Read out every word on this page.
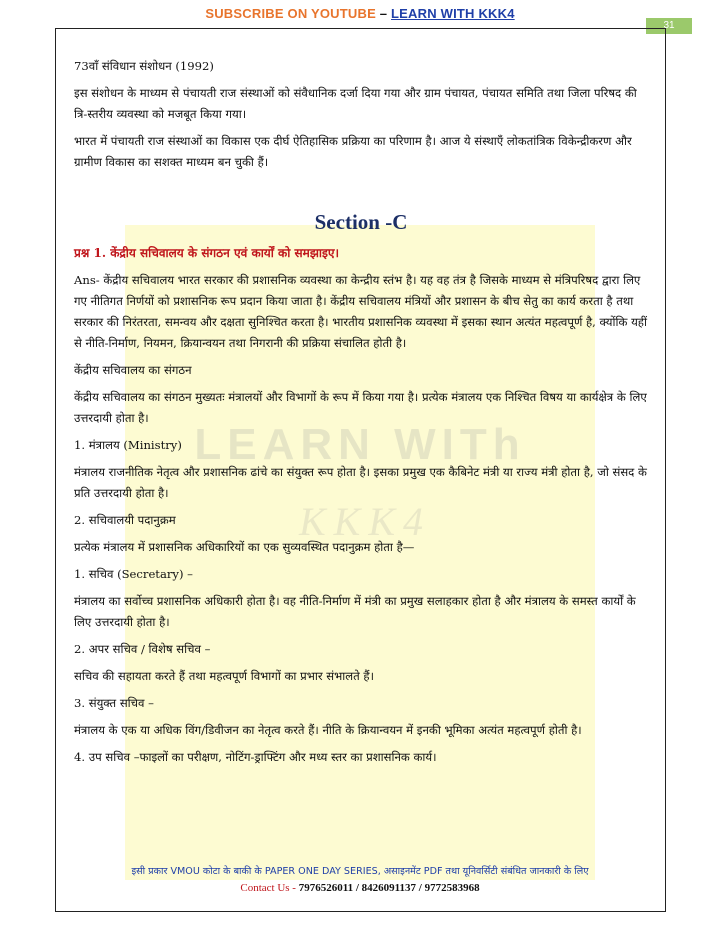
SUBSCRIBE ON YOUTUBE – LEARN WITH KKK4
31
LEARN WITh
KKK4

73वाँ संविधान संशोधन (1992)

इस संशोधन के माध्यम से पंचायती राज संस्थाओं को संवैधानिक दर्जा दिया गया और ग्राम पंचायत, पंचायत समिति तथा जिला परिषद की त्रि-स्तरीय व्यवस्था को मजबूत किया गया।

भारत में पंचायती राज संस्थाओं का विकास एक दीर्घ ऐतिहासिक प्रक्रिया का परिणाम है। आज ये संस्थाएँ लोकतांत्रिक विकेन्द्रीकरण और ग्रामीण विकास का सशक्त माध्यम बन चुकी हैं।

Section -C

प्रश्न 1. केंद्रीय सचिवालय के संगठन एवं कार्यों को समझाइए।

Ans- केंद्रीय सचिवालय भारत सरकार की प्रशासनिक व्यवस्था का केन्द्रीय स्तंभ है। यह वह तंत्र है जिसके माध्यम से मंत्रिपरिषद द्वारा लिए गए नीतिगत निर्णयों को प्रशासनिक रूप प्रदान किया जाता है। केंद्रीय सचिवालय मंत्रियों और प्रशासन के बीच सेतु का कार्य करता है तथा सरकार की निरंतरता, समन्वय और दक्षता सुनिश्चित करता है। भारतीय प्रशासनिक व्यवस्था में इसका स्थान अत्यंत महत्वपूर्ण है, क्योंकि यहीं से नीति-निर्माण, नियमन, क्रियान्वयन तथा निगरानी की प्रक्रिया संचालित होती है।

केंद्रीय सचिवालय का संगठन

केंद्रीय सचिवालय का संगठन मुख्यतः मंत्रालयों और विभागों के रूप में किया गया है। प्रत्येक मंत्रालय एक निश्चित विषय या कार्यक्षेत्र के लिए उत्तरदायी होता है।

1. मंत्रालय (Ministry)

मंत्रालय राजनीतिक नेतृत्व और प्रशासनिक ढांचे का संयुक्त रूप होता है। इसका प्रमुख एक कैबिनेट मंत्री या राज्य मंत्री होता है, जो संसद के प्रति उत्तरदायी होता है।

2. सचिवालयी पदानुक्रम

प्रत्येक मंत्रालय में प्रशासनिक अधिकारियों का एक सुव्यवस्थित पदानुक्रम होता है—

1. सचिव (Secretary) –

मंत्रालय का सर्वोच्च प्रशासनिक अधिकारी होता है। वह नीति-निर्माण में मंत्री का प्रमुख सलाहकार होता है और मंत्रालय के समस्त कार्यों के लिए उत्तरदायी होता है।

2. अपर सचिव / विशेष सचिव –

सचिव की सहायता करते हैं तथा महत्वपूर्ण विभागों का प्रभार संभालते हैं।

3. संयुक्त सचिव –

मंत्रालय के एक या अधिक विंग/डिवीजन का नेतृत्व करते हैं। नीति के क्रियान्वयन में इनकी भूमिका अत्यंत महत्वपूर्ण होती है।

4. उप सचिव –फाइलों का परीक्षण, नोटिंग-ड्राफ्टिंग और मध्य स्तर का प्रशासनिक कार्य।

इसी प्रकार VMOU कोटा के बाकी के PAPER ONE DAY SERIES, असाइनमेंट PDF तथा यूनिवर्सिटी संबंधित जानकारी के लिए
Contact Us - 7976526011 / 8426091137 / 9772583968
